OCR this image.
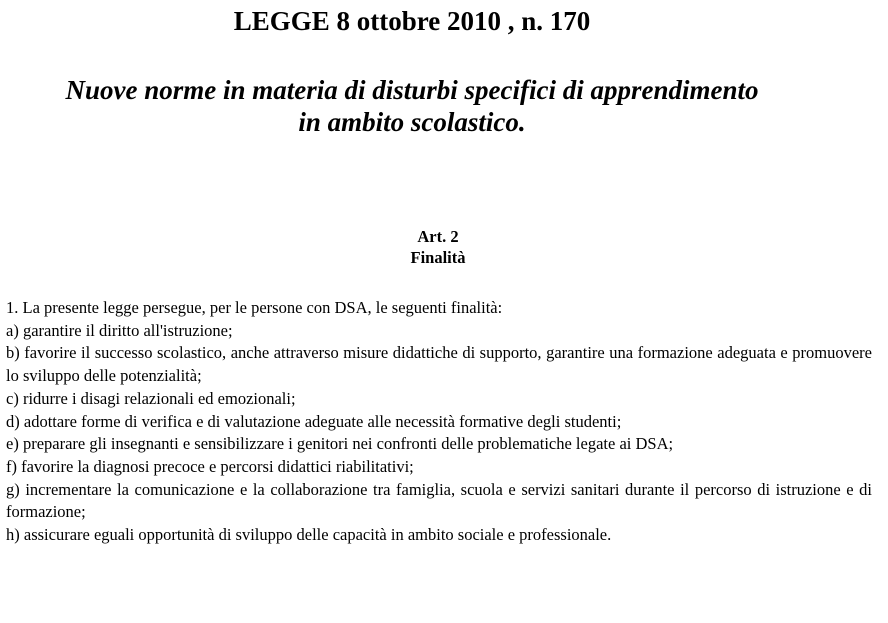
LEGGE 8 ottobre 2010 , n. 170
Nuove norme in materia di disturbi specifici di apprendimento
in ambito scolastico.
Art. 2
Finalità

1. La presente legge persegue, per le persone con DSA, le seguenti finalità:

a) garantire il diritto all'istruzione;

b) favorire il successo scolastico, anche attraverso misure didattiche di supporto, garantire una formazione adeguata e promuovere lo sviluppo delle potenzialità;

c) ridurre i disagi relazionali ed emozionali;

d) adottare forme di verifica e di valutazione adeguate alle necessità formative degli studenti;

e) preparare gli insegnanti e sensibilizzare i genitori nei confronti delle problematiche legate ai DSA;

f) favorire la diagnosi precoce e percorsi didattici riabilitativi;

g) incrementare la comunicazione e la collaborazione tra famiglia, scuola e servizi sanitari durante il percorso di istruzione e di formazione;

h) assicurare eguali opportunità di sviluppo delle capacità in ambito sociale e professionale.
